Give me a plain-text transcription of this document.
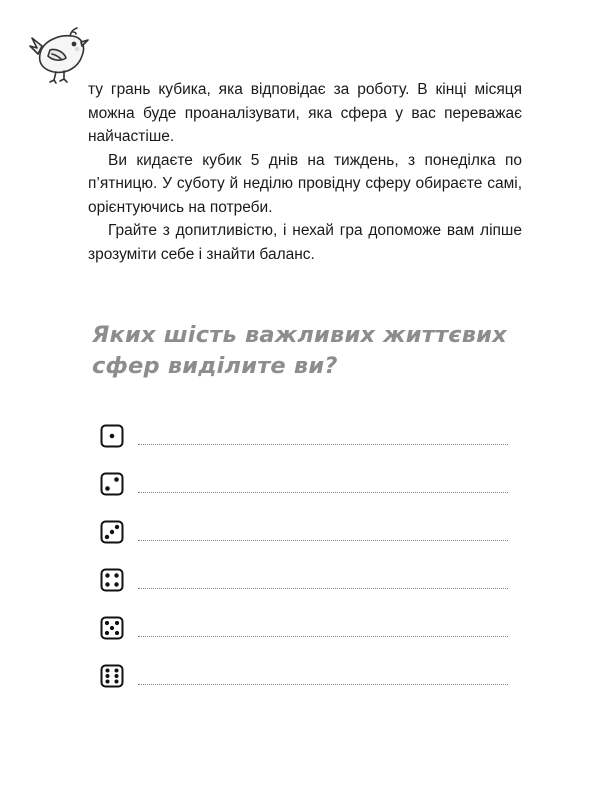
ту грань кубика, яка відповідає за роботу. В кінці місяця можна буде проаналізувати, яка сфера у вас переважає найчастіше.

Ви кидаєте кубик 5 днів на тиждень, з понеділка по п’ятницю. У суботу й неділю провідну сферу обираєте самі, орієнтуючись на потреби.

Грайте з допитливістю, і нехай гра допоможе вам ліпше зрозуміти себе і знайти баланс.

Яких шість важливих життєвих сфер виділите ви?
